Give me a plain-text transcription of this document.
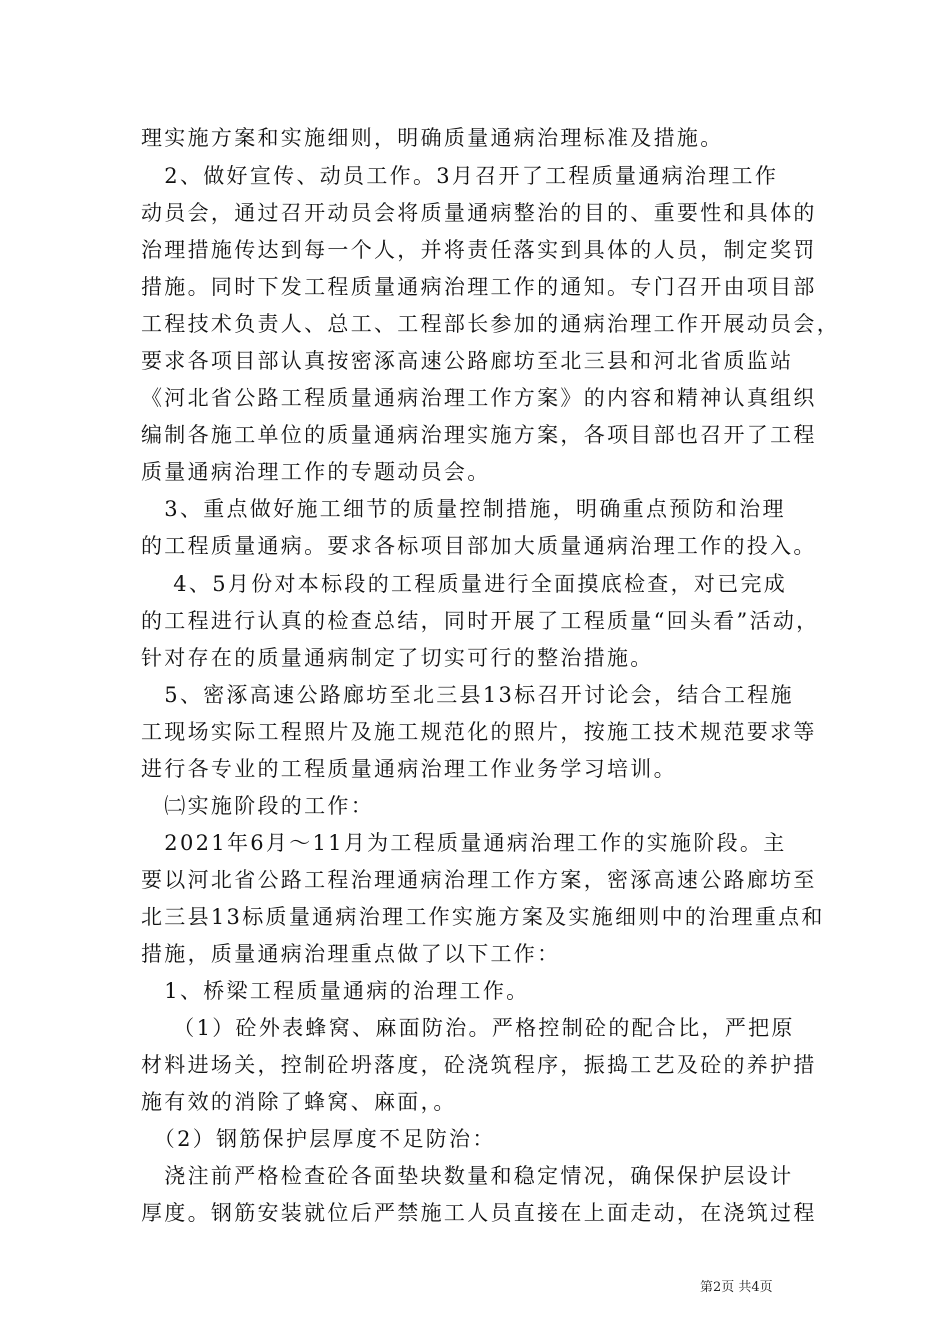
理实施方案和实施细则，明确质量通病治理标准及措施。
　2、做好宣传、动员工作。3月召开了工程质量通病治理工作
动员会，通过召开动员会将质量通病整治的目的、重要性和具体的
治理措施传达到每一个人，并将责任落实到具体的人员，制定奖罚
措施。同时下发工程质量通病治理工作的通知。专门召开由项目部
工程技术负责人、总工、工程部长参加的通病治理工作开展动员会，
要求各项目部认真按密涿高速公路廊坊至北三县和河北省质监站
《河北省公路工程质量通病治理工作方案》的内容和精神认真组织
编制各施工单位的质量通病治理实施方案，各项目部也召开了工程
质量通病治理工作的专题动员会。
　3、重点做好施工细节的质量控制措施，明确重点预防和治理
的工程质量通病。要求各标项目部加大质量通病治理工作的投入。
　 4、5月份对本标段的工程质量进行全面摸底检查，对已完成
的工程进行认真的检查总结，同时开展了工程质量“回头看”活动，
针对存在的质量通病制定了切实可行的整治措施。
　5、密涿高速公路廊坊至北三县13标召开讨论会，结合工程施
工现场实际工程照片及施工规范化的照片，按施工技术规范要求等
进行各专业的工程质量通病治理工作业务学习培训。
　㈡实施阶段的工作：
　2021年6月～11月为工程质量通病治理工作的实施阶段。主
要以河北省公路工程治理通病治理工作方案，密涿高速公路廊坊至
北三县13标质量通病治理工作实施方案及实施细则中的治理重点和
措施，质量通病治理重点做了以下工作：
　1、桥梁工程质量通病的治理工作。
　 （1）砼外表蜂窝、麻面防治。严格控制砼的配合比，严把原
材料进场关，控制砼坍落度，砼浇筑程序，振捣工艺及砼的养护措
施有效的消除了蜂窝、麻面，。
　（2）钢筋保护层厚度不足防治：
　浇注前严格检查砼各面垫块数量和稳定情况，确保保护层设计
厚度。钢筋安装就位后严禁施工人员直接在上面走动，在浇筑过程
第2页 共4页
